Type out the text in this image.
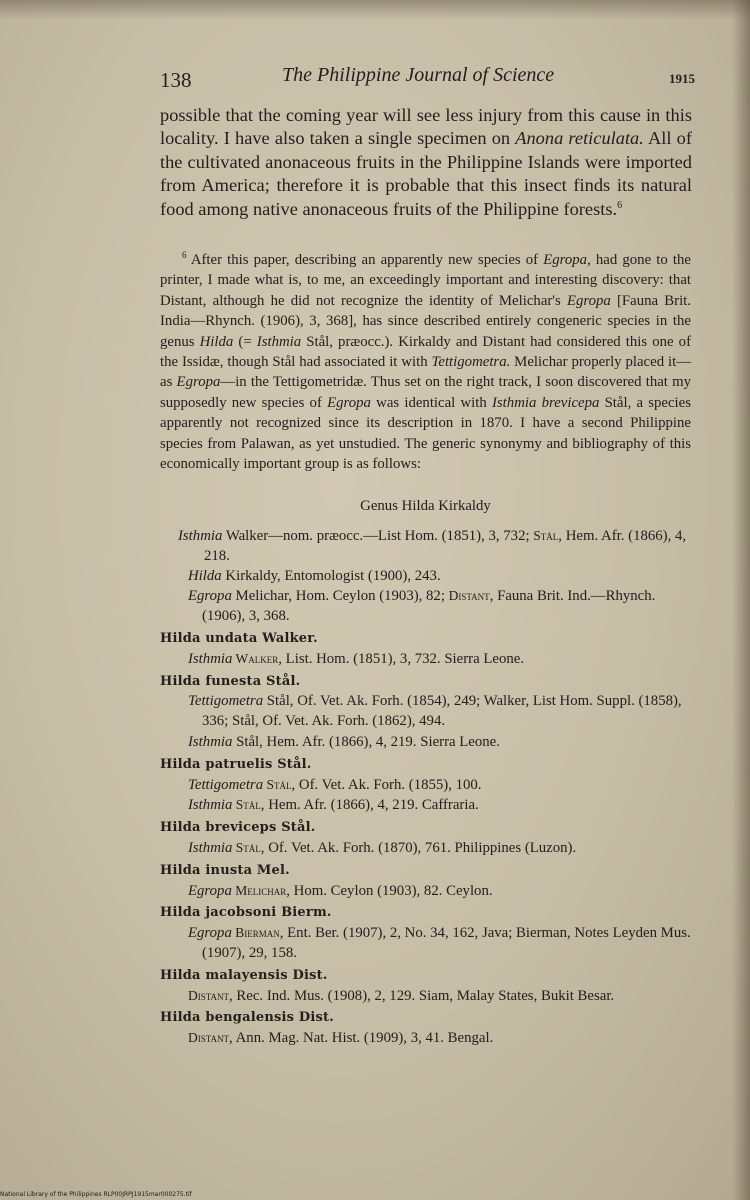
138	The Philippine Journal of Science	1915

possible that the coming year will see less injury from this cause in this locality. I have also taken a single specimen on Anona reticulata. All of the cultivated anonaceous fruits in the Philippine Islands were imported from America; therefore it is probable that this insect finds its natural food among native anonaceous fruits of the Philippine forests.$^6$

$^6$ After this paper, describing an apparently new species of Egropa, had gone to the printer, I made what is, to me, an exceedingly important and interesting discovery: that Distant, although he did not recognize the identity of Melichar's Egropa [Fauna Brit. India—Rhynch. (1906), 3, 368], has since described entirely congeneric species in the genus Hilda (= Isthmia Stål, præocc.). Kirkaldy and Distant had considered this one of the Issidæ, though Stål had associated it with Tettigometra. Melichar properly placed it—as Egropa—in the Tettigometridæ. Thus set on the right track, I soon discovered that my supposedly new species of Egropa was identical with Isthmia brevicepa Stål, a species apparently not recognized since its description in 1870. I have a second Philippine species from Palawan, as yet unstudied. The generic synonymy and bibliography of this economically important group is as follows:

Genus Hilda Kirkaldy
Isthmia Walker—nom. præocc.—List Hom. (1851), 3, 732; Stål, Hem. Afr. (1866), 4, 218.
Hilda Kirkaldy, Entomologist (1900), 243.
Egropa Melichar, Hom. Ceylon (1903), 82; Distant, Fauna Brit. Ind.—Rhynch. (1906), 3, 368.
Hilda undata Walker.
Isthmia Walker, List. Hom. (1851), 3, 732. Sierra Leone.
Hilda funesta Stål.
Tettigometra Stål, Of. Vet. Ak. Forh. (1854), 249; Walker, List Hom. Suppl. (1858), 336; Stål, Of. Vet. Ak. Forh. (1862), 494.
Isthmia Stål, Hem. Afr. (1866), 4, 219. Sierra Leone.
Hilda patruelis Stål.
Tettigometra Stål, Of. Vet. Ak. Forh. (1855), 100.
Isthmia Stål, Hem. Afr. (1866), 4, 219. Caffraria.
Hilda breviceps Stål.
Isthmia Stål, Of. Vet. Ak. Forh. (1870), 761. Philippines (Luzon).
Hilda inusta Mel.
Egropa Melichar, Hom. Ceylon (1903), 82. Ceylon.
Hilda jacobsoni Bierm.
Egropa Bierman, Ent. Ber. (1907), 2, No. 34, 162, Java; Bierman, Notes Leyden Mus. (1907), 29, 158.
Hilda malayensis Dist.
Distant, Rec. Ind. Mus. (1908), 2, 129. Siam, Malay States, Bukit Besar.
Hilda bengalensis Dist.
Distant, Ann. Mag. Nat. Hist. (1909), 3, 41. Bengal.
National Library of the Philippines RLP00JRPJ1915mar000275.tif
